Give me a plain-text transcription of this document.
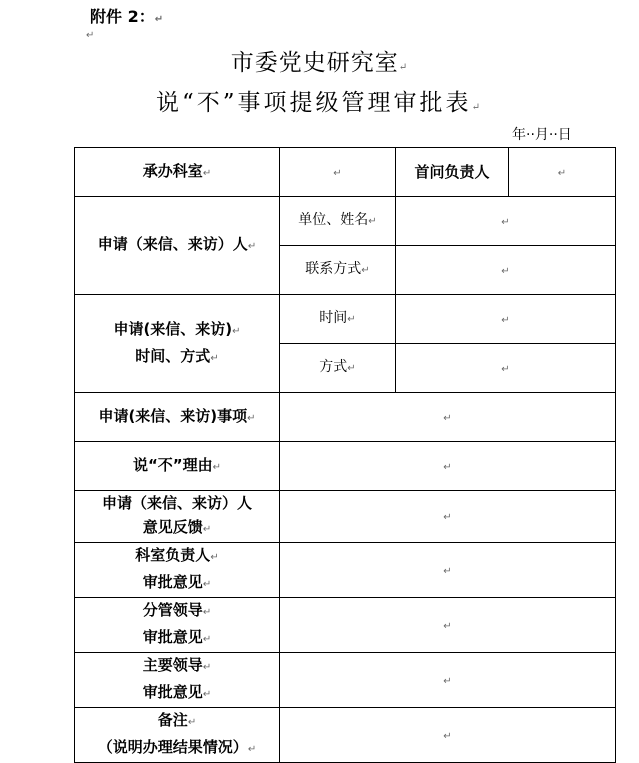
附件 2：↵
↵
市委党史研究室↵
说“不”事项提级管理审批表↵
年··月··日
承办科室↵	↵	首问负责人	↵
申请（来信、来访）人↵	单位、姓名↵	↵	
	联系方式↵	↵	
申请(来信、来访)↵
时间、方式↵	时间↵	↵	
	方式↵	↵	
申请(来信、来访)事项↵	↵		
说“不”理由↵	↵		
申请（来信、来访）人
意见反馈↵	↵		
科室负责人↵
审批意见↵	↵		
分管领导↵
审批意见↵	↵		
主要领导↵
审批意见↵	↵		
备注↵
（说明办理结果情况）↵	↵		
